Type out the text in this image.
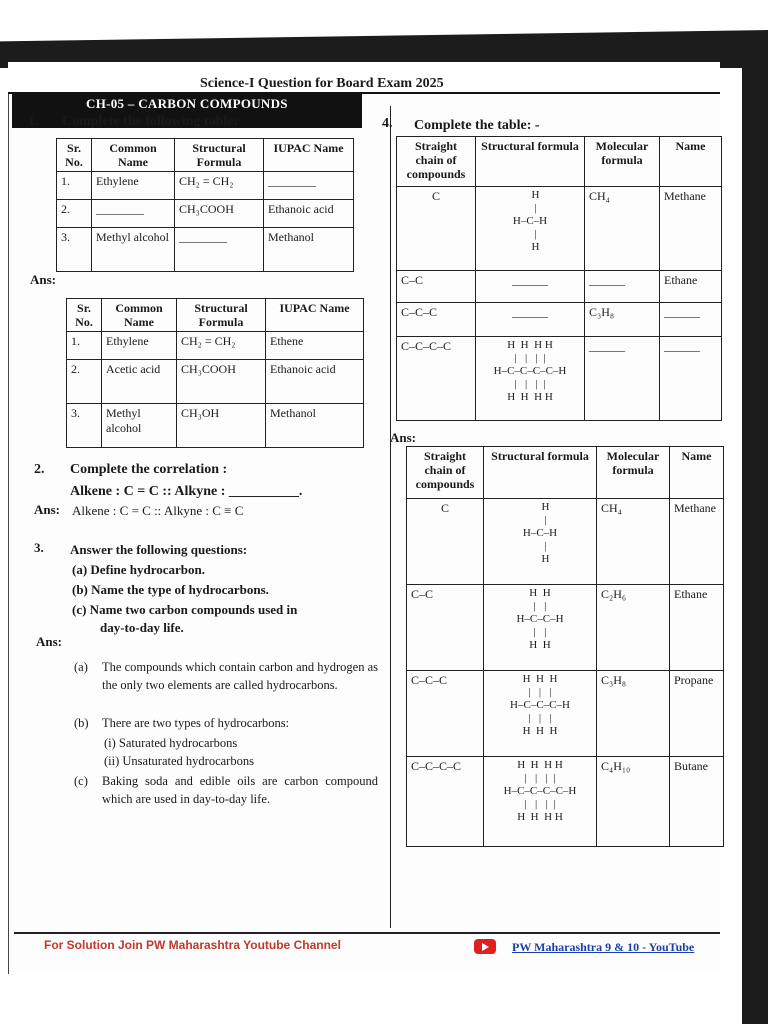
Science-I Question for Board Exam 2025
CH-05 – CARBON COMPOUNDS
1. Complete the following table:
Sr. No.	Common Name	Structural Formula	IUPAC Name
1.	Ethylene	CH₂ = CH₂	________
2.	________	CH₃COOH	Ethanoic acid
3.	Methyl alcohol	________	Methanol
Ans:
Sr. No.	Common Name	Structural Formula	IUPAC Name
1.	Ethylene	CH₂ = CH₂	Ethene
2.	Acetic acid	CH₃COOH	Ethanoic acid
3.	Methyl alcohol	CH₃OH	Methanol
2. Complete the correlation :
Alkene : C = C :: Alkyne : __________.
Ans: Alkene : C = C :: Alkyne : C ≡ C
3. Answer the following questions:
(a) Define hydrocarbon.
(b) Name the type of hydrocarbons.
(c) Name two carbon compounds used in
day-to-day life.
Ans:
(a) The compounds which contain carbon and hydrogen as the only two elements are called hydrocarbons.
(b) There are two types of hydrocarbons:
(i) Saturated hydrocarbons
(ii) Unsaturated hydrocarbons
(c) Baking soda and edible oils are carbon compound which are used in day-to-day life.
4. Complete the table: -
Straight chain of compounds	Structural formula	Molecular formula	Name
C	H
|
H–C–H
|
H	CH₄	Methane
C–C	______	______	Ethane
C–C–C	______	C₃H₈	______
C–C–C–C	H  H  H H
|   |   |  |
H–C–C–C–C–H
|   |   |  |
H  H  H H	______	______
Ans:
Straight chain of compounds	Structural formula	Molecular formula	Name
C	H
|
H–C–H
|
H	CH₄	Methane
C–C	H  H
|   |
H–C–C–H
|   |
H  H	C₂H₆	Ethane
C–C–C	H  H  H
|   |   |
H–C–C–C–H
|   |   |
H  H  H	C₃H₈	Propane
C–C–C–C	H  H  H H
|   |   |  |
H–C–C–C–C–H
|   |   |  |
H  H  H H	C₄H₁₀	Butane
For Solution Join PW Maharashtra Youtube Channel	PW Maharashtra 9 & 10 - YouTube
